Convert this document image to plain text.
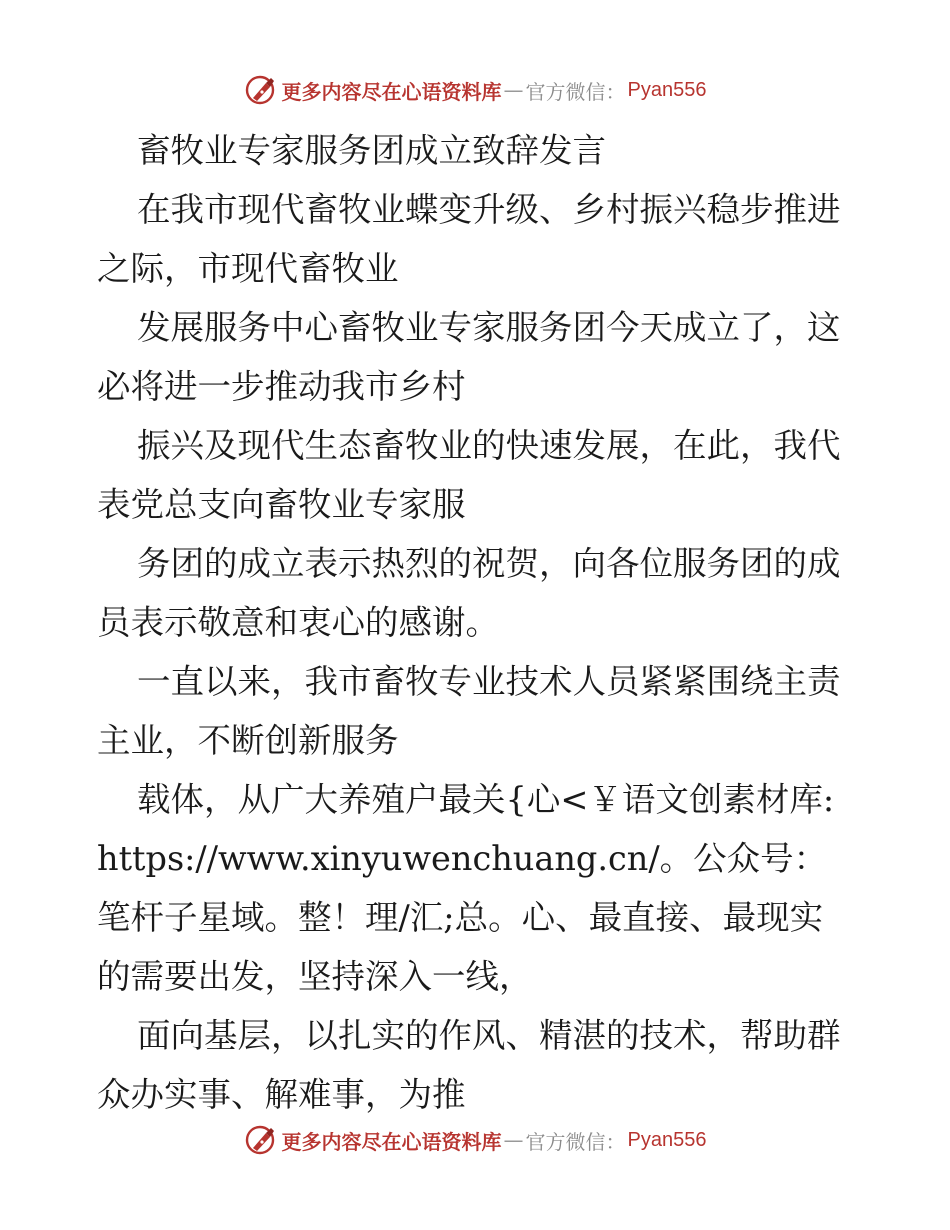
更多内容尽在心语资料库 — 官方微信： Pyan556

畜牧业专家服务团成立致辞发言

在我市现代畜牧业蝶变升级、乡村振兴稳步推进之际，市现代畜牧业

发展服务中心畜牧业专家服务团今天成立了，这必将进一步推动我市乡村

振兴及现代生态畜牧业的快速发展，在此，我代表党总支向畜牧业专家服

务团的成立表示热烈的祝贺，向各位服务团的成员表示敬意和衷心的感谢。

一直以来，我市畜牧专业技术人员紧紧围绕主责主业，不断创新服务

载体，从广大养殖户最关{心<￥语文创素材库:https://www.xinyuwenchuang.cn/。公众号：笔杆子星域。整！理/汇;总。心、最直接、最现实的需要出发，坚持深入一线，

面向基层，以扎实的作风、精湛的技术，帮助群众办实事、解难事，为推

更多内容尽在心语资料库 — 官方微信： Pyan556
